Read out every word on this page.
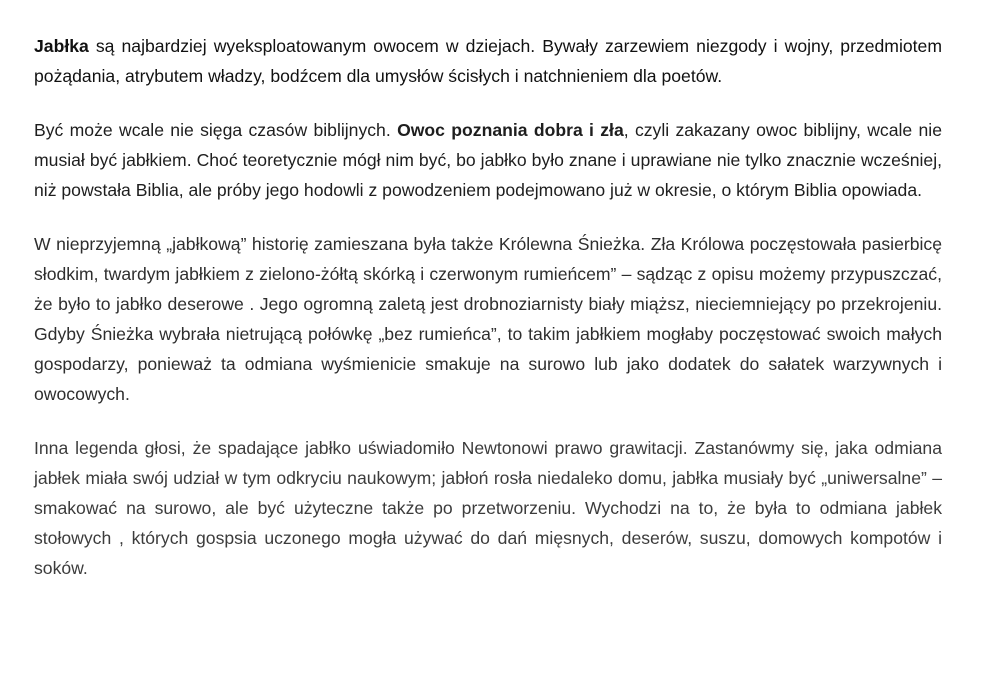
Jabłka są najbardziej wyeksploatowanym owocem w dziejach. Bywały zarzewiem niezgody i wojny, przedmiotem pożądania, atrybutem władzy, bodźcem dla umysłów ścisłych i natchnieniem dla poetów.

Być może wcale nie sięga czasów biblijnych. Owoc poznania dobra i zła, czyli zakazany owoc biblijny, wcale nie musiał być jabłkiem. Choć teoretycznie mógł nim być, bo jabłko było znane i uprawiane nie tylko znacznie wcześniej, niż powstała Biblia, ale próby jego hodowli z powodzeniem podejmowano już w okresie, o którym Biblia opowiada.

W nieprzyjemną „jabłkową” historię zamieszana była także Królewna Śnieżka. Zła Królowa poczęstowała pasierbicę słodkim, twardym jabłkiem z zielono-żółtą skórką i czerwonym rumieńcem” – sądząc z opisu możemy przypuszczać, że było to jabłko deserowe . Jego ogromną zaletą jest drobnoziarnisty biały miąższ, nieciemniejący po przekrojeniu. Gdyby Śnieżka wybrała nietrującą połówkę „bez rumieńca”, to takim jabłkiem mogłaby poczęstować swoich małych gospodarzy, ponieważ ta odmiana wyśmienicie smakuje na surowo lub jako dodatek do sałatek warzywnych i owocowych.

Inna legenda głosi, że spadające jabłko uświadomiło Newtonowi prawo grawitacji. Zastanówmy się, jaka odmiana jabłek miała swój udział w tym odkryciu naukowym; jabłoń rosła niedaleko domu, jabłka musiały być „uniwersalne” – smakować na surowo, ale być użyteczne także po przetworzeniu. Wychodzi na to, że była to odmiana jabłek stołowych , których gospsia uczonego mogła używać do dań mięsnych, deserów, suszu, domowych kompotów i soków.
